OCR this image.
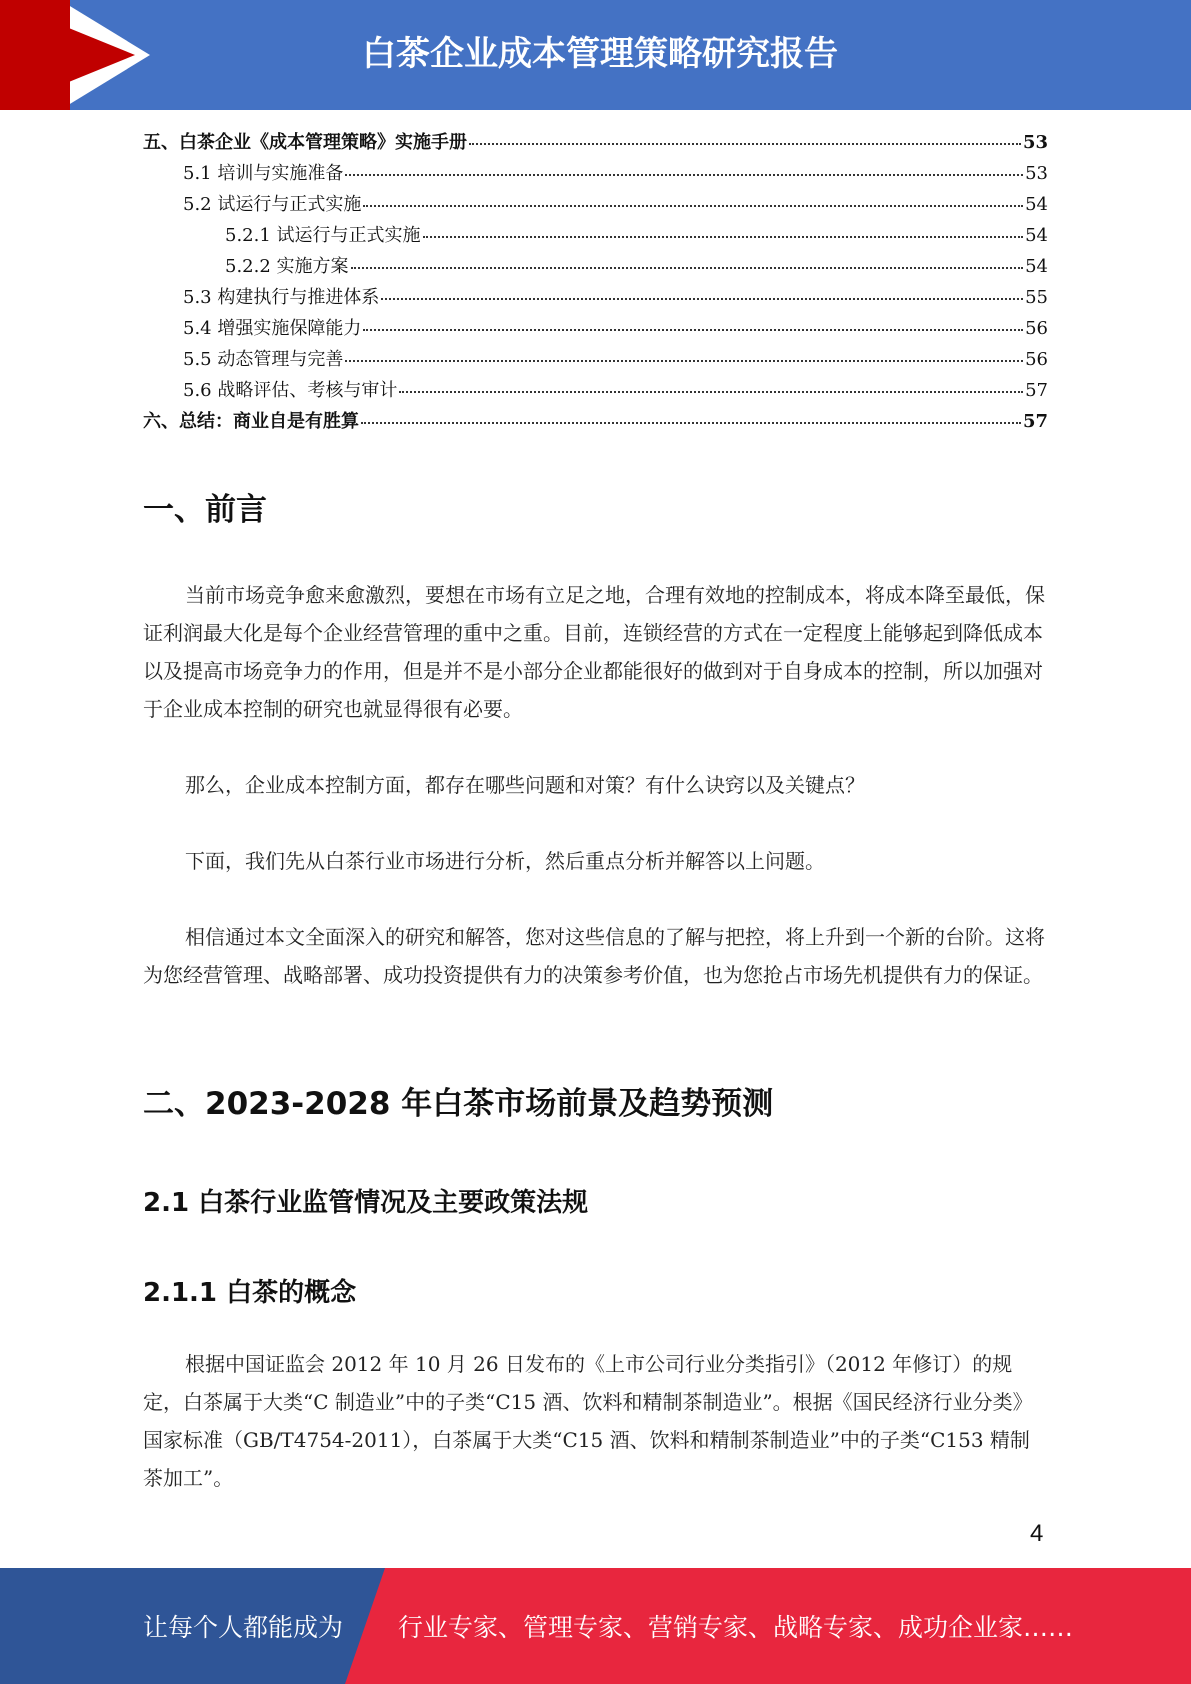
白茶企业成本管理策略研究报告
五、白茶企业《成本管理策略》实施手册	53
5.1 培训与实施准备	53
5.2 试运行与正式实施	54
5.2.1 试运行与正式实施	54
5.2.2 实施方案	54
5.3 构建执行与推进体系	55
5.4 增强实施保障能力	56
5.5 动态管理与完善	56
5.6 战略评估、考核与审计	57
六、总结：商业自是有胜算	57
一、前言

当前市场竞争愈来愈激烈，要想在市场有立足之地，合理有效地的控制成本，将成本降至最低，保证利润最大化是每个企业经营管理的重中之重。目前，连锁经营的方式在一定程度上能够起到降低成本以及提高市场竞争力的作用，但是并不是小部分企业都能很好的做到对于自身成本的控制，所以加强对于企业成本控制的研究也就显得很有必要。

那么，企业成本控制方面，都存在哪些问题和对策？有什么诀窍以及关键点？

下面，我们先从白茶行业市场进行分析，然后重点分析并解答以上问题。

相信通过本文全面深入的研究和解答，您对这些信息的了解与把控，将上升到一个新的台阶。这将为您经营管理、战略部署、成功投资提供有力的决策参考价值，也为您抢占市场先机提供有力的保证。

二、2023-2028 年白茶市场前景及趋势预测
2.1 白茶行业监管情况及主要政策法规
2.1.1 白茶的概念

根据中国证监会 2012 年 10 月 26 日发布的《上市公司行业分类指引》（2012 年修订）的规定，白茶属于大类“C 制造业”中的子类“C15 酒、饮料和精制茶制造业”。根据《国民经济行业分类》国家标准（GB/T4754-2011），白茶属于大类“C15 酒、饮料和精制茶制造业”中的子类“C153 精制茶加工”。

4
让每个人都能成为 行业专家、管理专家、营销专家、战略专家、成功企业家……
